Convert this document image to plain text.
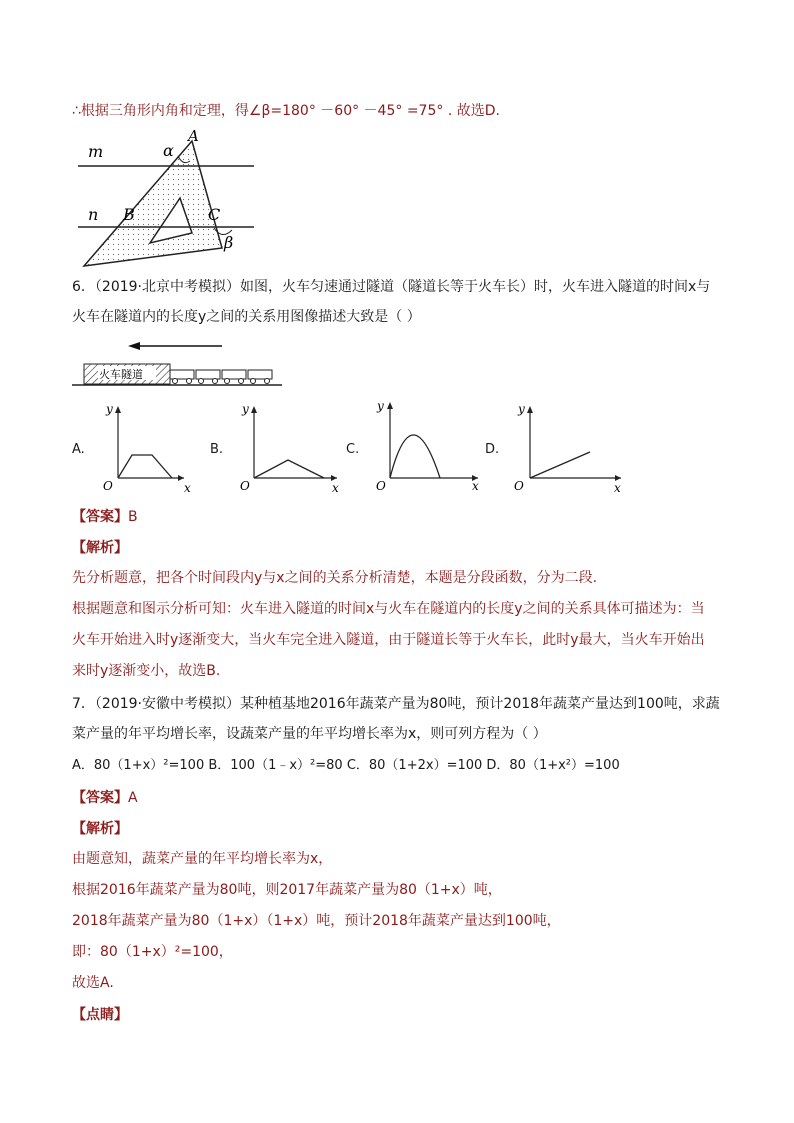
∴根据三角形内角和定理，得∠β=180° －60° －45° =75° . 故选D.
m
n
A
B	C
α
β
6．（2019·北京中考模拟）如图，火车匀速通过隧道（隧道长等于火车长）时，火车进入隧道的时间x与
火车在隧道内的长度y之间的关系用图像描述大致是（ ）
火车隧道
A.
y
O	x
B.
y
O	x
C.
y
O	x
D.
y
O	x
【答案】B
【解析】
先分析题意，把各个时间段内y与x之间的关系分析清楚，本题是分段函数，分为二段.
根据题意和图示分析可知：火车进入隧道的时间x与火车在隧道内的长度y之间的关系具体可描述为：当
火车开始进入时y逐渐变大，当火车完全进入隧道，由于隧道长等于火车长，此时y最大，当火车开始出
来时y逐渐变小，故选B.
7．（2019·安徽中考模拟）某种植基地2016年蔬菜产量为80吨，预计2018年蔬菜产量达到100吨，求蔬
菜产量的年平均增长率，设蔬菜产量的年平均增长率为x，则可列方程为（ ）
A．80（1+x）²=100 B．100（1﹣x）²=80 C．80（1+2x）=100 D．80（1+x²）=100
【答案】A
【解析】
由题意知，蔬菜产量的年平均增长率为x，
根据2016年蔬菜产量为80吨，则2017年蔬菜产量为80（1+x）吨，
2018年蔬菜产量为80（1+x）（1+x）吨，预计2018年蔬菜产量达到100吨，
即：80（1+x）²=100，
故选A.
【点睛】
